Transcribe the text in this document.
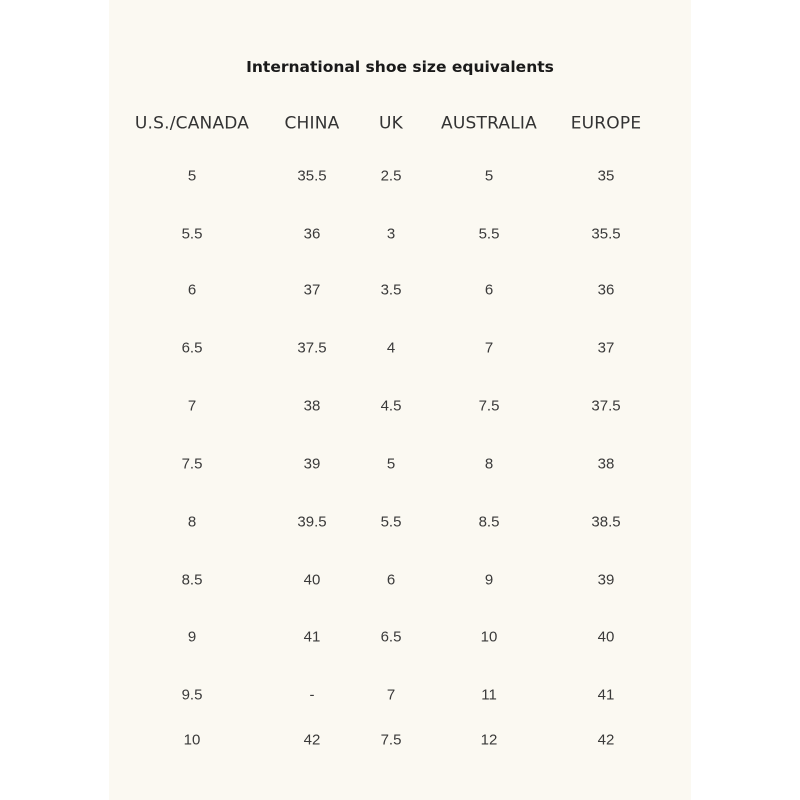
International shoe size equivalents
U.S./CANADA CHINA UK AUSTRALIA EUROPE
5	35.5	2.5	5	35
5.5	36	3	5.5	35.5
6	37	3.5	6	36
6.5	37.5	4	7	37
7	38	4.5	7.5	37.5
7.5	39	5	8	38
8	39.5	5.5	8.5	38.5
8.5	40	6	9	39
9	41	6.5	10	40
9.5	-	7	11	41
10	42	7.5	12	42
